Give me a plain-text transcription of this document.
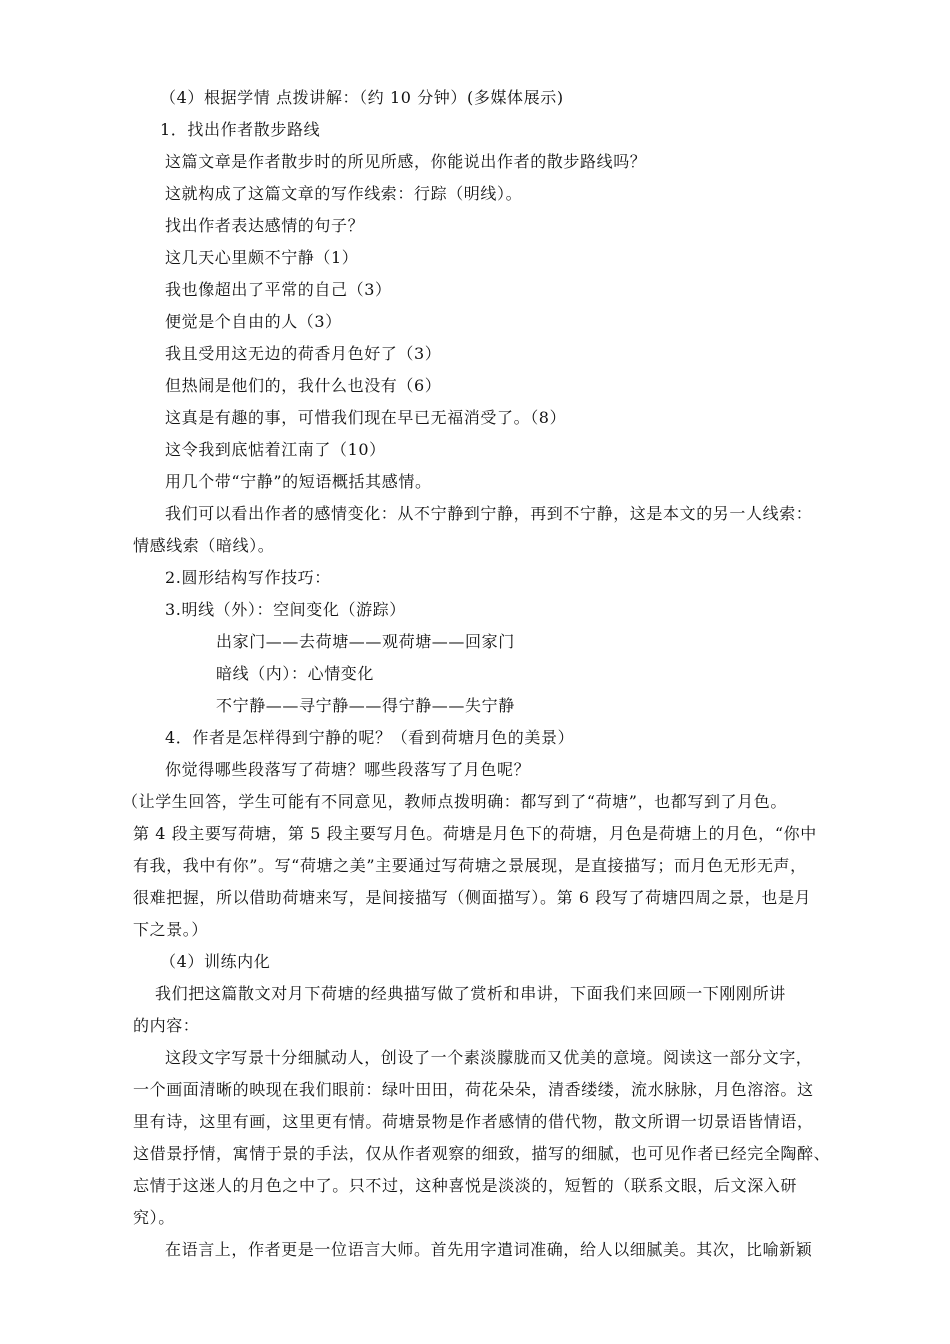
（4）根据学情 点拨讲解：（约 10 分钟）(多媒体展示)
1．找出作者散步路线
这篇文章是作者散步时的所见所感，你能说出作者的散步路线吗？
这就构成了这篇文章的写作线索：行踪（明线）。
找出作者表达感情的句子？
这几天心里颇不宁静（1）
我也像超出了平常的自己（3）
便觉是个自由的人（3）
我且受用这无边的荷香月色好了（3）
但热闹是他们的，我什么也没有（6）
这真是有趣的事，可惜我们现在早已无福消受了。（8）
这令我到底惦着江南了（10）
用几个带“宁静”的短语概括其感情。
我们可以看出作者的感情变化：从不宁静到宁静，再到不宁静，这是本文的另一人线索：
情感线索（暗线）。
2.圆形结构写作技巧：
3.明线（外）：空间变化（游踪）
出家门——去荷塘——观荷塘——回家门
暗线（内）：心情变化
不宁静——寻宁静——得宁静——失宁静
4．作者是怎样得到宁静的呢？（看到荷塘月色的美景）
你觉得哪些段落写了荷塘？哪些段落写了月色呢？

（让学生回答，学生可能有不同意见，教师点拨明确：都写到了“荷塘”，也都写到了月色。

第 4 段主要写荷塘，第 5 段主要写月色。荷塘是月色下的荷塘，月色是荷塘上的月色，“你中

有我，我中有你”。写“荷塘之美”主要通过写荷塘之景展现，是直接描写；而月色无形无声，

很难把握，所以借助荷塘来写，是间接描写（侧面描写）。第 6 段写了荷塘四周之景，也是月

下之景。）

（4）训练内化
我们把这篇散文对月下荷塘的经典描写做了赏析和串讲，下面我们来回顾一下刚刚所讲
的内容：

这段文字写景十分细腻动人，创设了一个素淡朦胧而又优美的意境。阅读这一部分文字，

一个画面清晰的映现在我们眼前：绿叶田田，荷花朵朵，清香缕缕，流水脉脉，月色溶溶。这

里有诗，这里有画，这里更有情。荷塘景物是作者感情的借代物，散文所谓一切景语皆情语，

这借景抒情，寓情于景的手法，仅从作者观察的细致，描写的细腻，也可见作者已经完全陶醉、

忘情于这迷人的月色之中了。只不过，这种喜悦是淡淡的，短暂的（联系文眼，后文深入研

究）。

在语言上，作者更是一位语言大师。首先用字遣词准确，给人以细腻美。其次，比喻新颖
